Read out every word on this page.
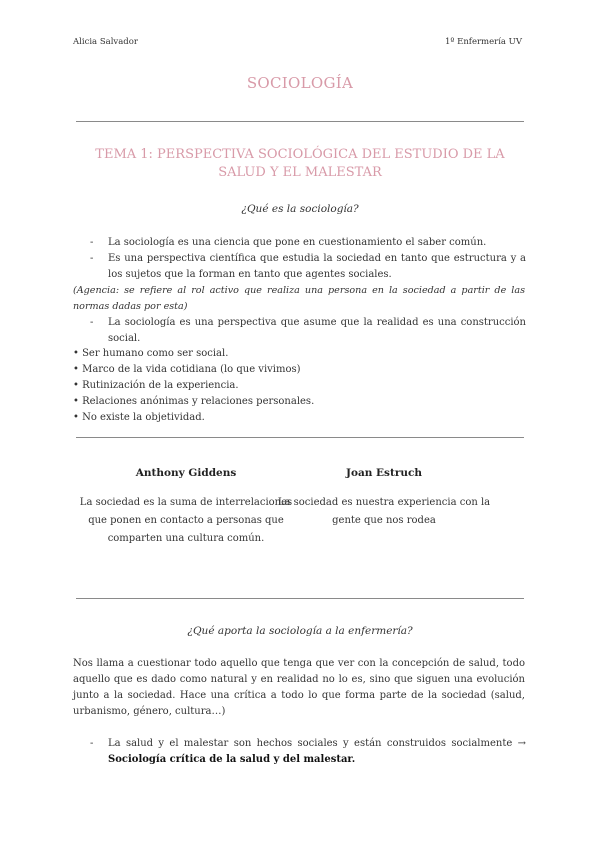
Alicia Salvador	1º Enfermería UV
SOCIOLOGÍA
TEMA 1: PERSPECTIVA SOCIOLÓGICA DEL ESTUDIO DE LA SALUD Y EL MALESTAR
¿Qué es la sociología?
- La sociología es una ciencia que pone en cuestionamiento el saber común.
- Es una perspectiva científica que estudia la sociedad en tanto que estructura y a los sujetos que la forman en tanto que agentes sociales.
(Agencia: se refiere al rol activo que realiza una persona en la sociedad a partir de las normas dadas por esta)
- La sociología es una perspectiva que asume que la realidad es una construcción social.
• Ser humano como ser social.
• Marco de la vida cotidiana (lo que vivimos)
• Rutinización de la experiencia.
• Relaciones anónimas y relaciones personales.
• No existe la objetividad.
Anthony Giddens
La sociedad es la suma de interrelaciones que ponen en contacto a personas que comparten una cultura común.
Joan Estruch
La sociedad es nuestra experiencia con la gente que nos rodea
¿Qué aporta la sociología a la enfermería?
Nos llama a cuestionar todo aquello que tenga que ver con la concepción de salud, todo aquello que es dado como natural y en realidad no lo es, sino que siguen una evolución junto a la sociedad. Hace una crítica a todo lo que forma parte de la sociedad (salud, urbanismo, género, cultura…)
- La salud y el malestar son hechos sociales y están construidos socialmente → Sociología crítica de la salud y del malestar.
